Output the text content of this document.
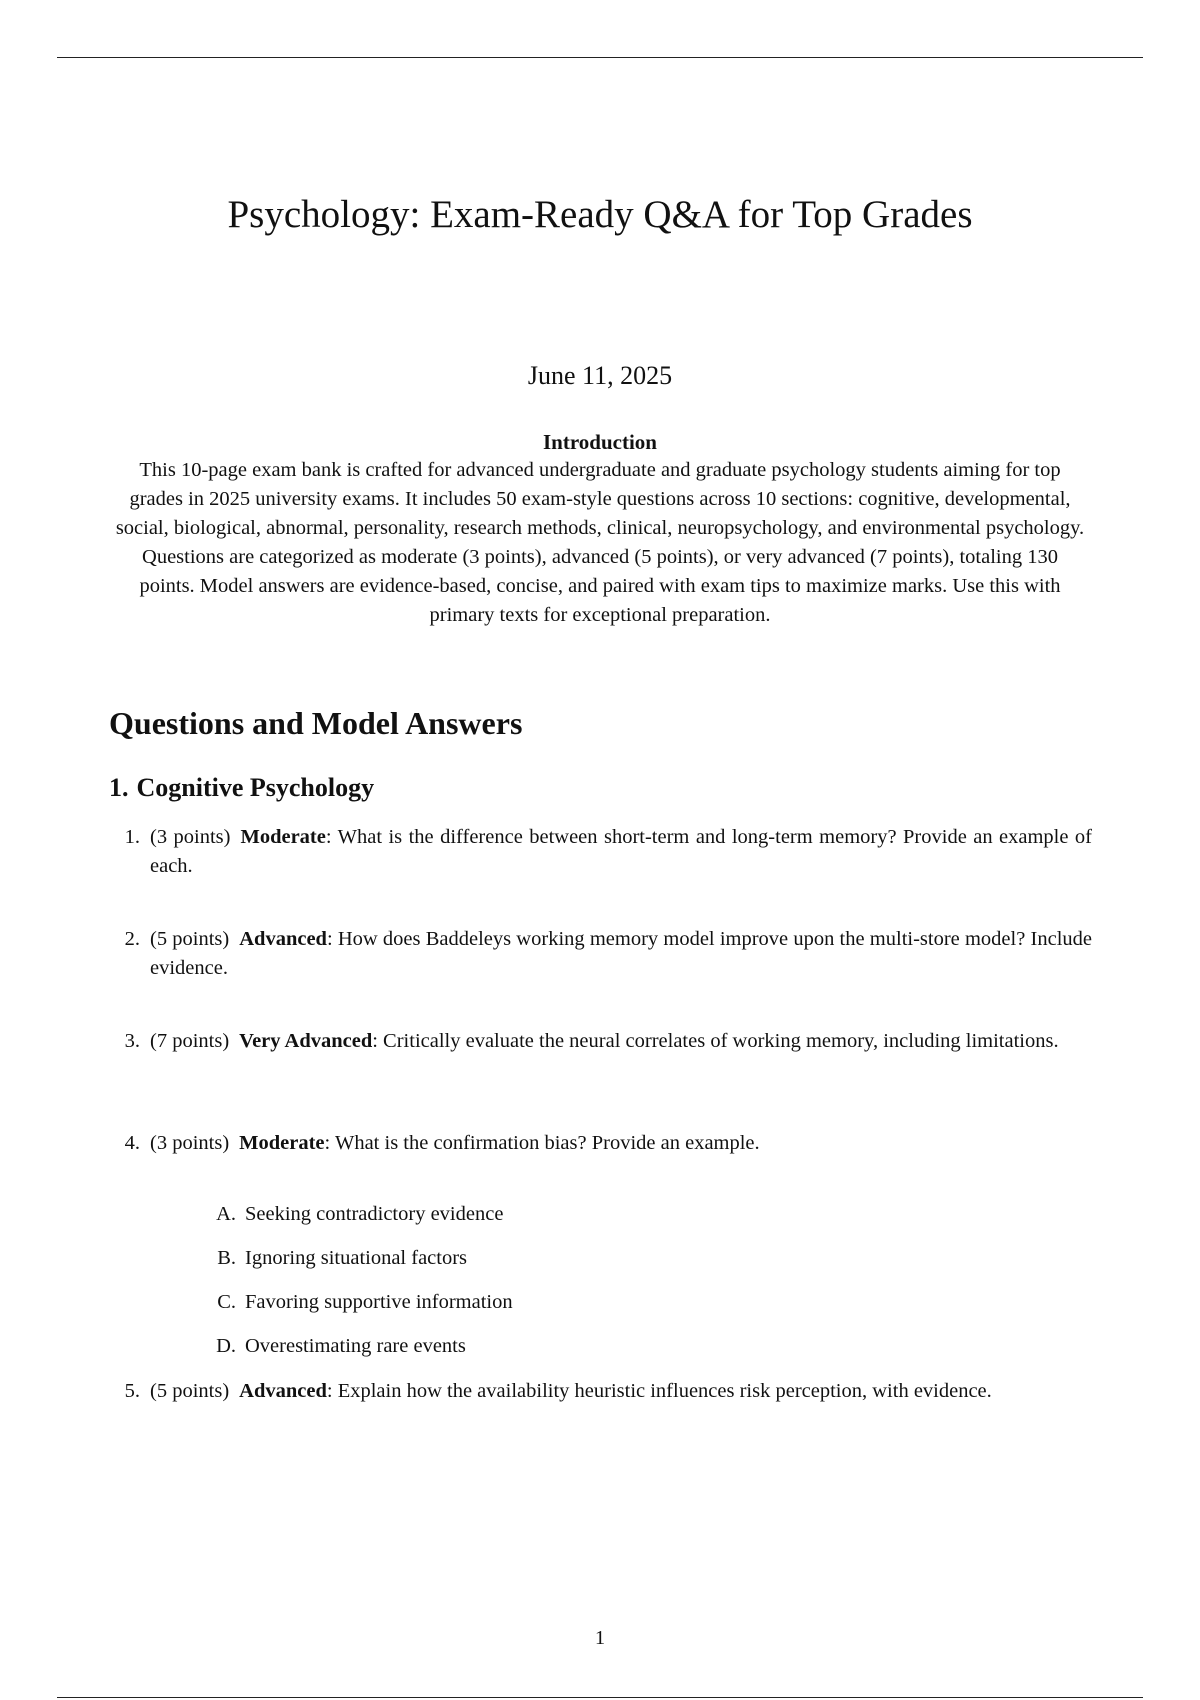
Psychology: Exam-Ready Q&A for Top Grades
June 11, 2025
Introduction

This 10-page exam bank is crafted for advanced undergraduate and graduate psychology students aiming for top grades in 2025 university exams. It includes 50 exam-style questions across 10 sections: cognitive, developmental, social, biological, abnormal, personality, research methods, clinical, neuropsychology, and environmental psychology. Questions are categorized as moderate (3 points), advanced (5 points), or very advanced (7 points), totaling 130 points. Model answers are evidence-based, concise, and paired with exam tips to maximize marks. Use this with primary texts for exceptional preparation.

Questions and Model Answers
1. Cognitive Psychology
1. (3 points) Moderate: What is the difference between short-term and long-term memory? Provide an example of each.
2. (5 points) Advanced: How does Baddeleys working memory model improve upon the multi-store model? Include evidence.
3. (7 points) Very Advanced: Critically evaluate the neural correlates of working memory, including limitations.
4. (3 points) Moderate: What is the confirmation bias? Provide an example.
A. Seeking contradictory evidence
B. Ignoring situational factors
C. Favoring supportive information
D. Overestimating rare events
5. (5 points) Advanced: Explain how the availability heuristic influences risk perception, with evidence.
1
